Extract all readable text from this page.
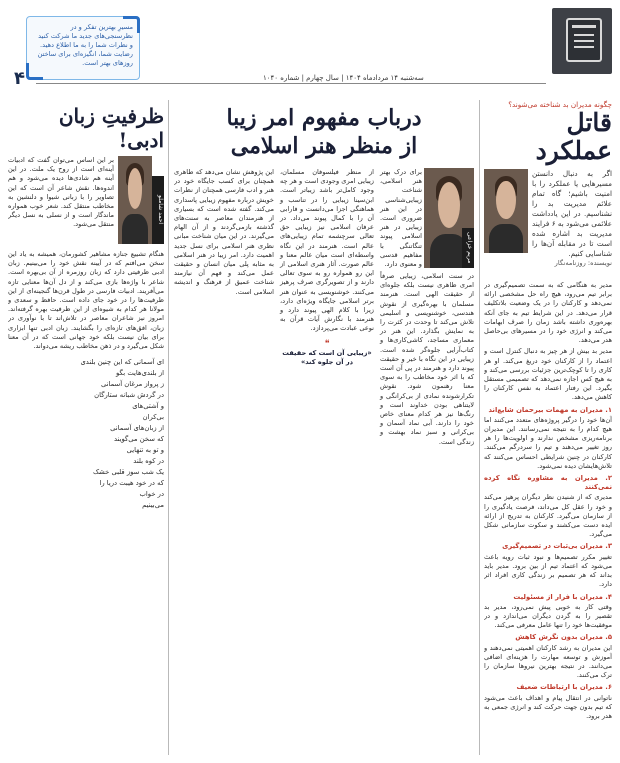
مسیرِ بهترین تفکر و در نظرسنجی‌های جدید ما شرکت کنید و نظرات شما را به ما اطلاع دهید. رضایت شما، انگیزه‌ای برای ساختن روزهای بهتر است.
۴	سه‌شنبه ۱۴ مردادماه ۱۴۰۴ | سال چهارم | شماره ۱۰۴۰
چگونه مدیران بد شناخته می‌شوند؟
قاتل عملکرد
اگر به دنبال دانستن مسیرهایی یا عملکرد را با امنیت باشیم؛ گاه تمام علائم مدیریت بد را نشناسیم. در این یادداشت علائمی می‌شود به ۶ فرایند مدیریت بد اشاره شده است تا در مقابله آن‌ها را شناسایی کنیم.
نویسنده: روزنامه‌نگار

مدیر به هنگامی که به سمت تصمیم‌گیری در برابر تیم می‌رود، هیچ راه حل مشخصی ارائه نمی‌دهد و کارکنان را در یک وضعیت بلاتکلیف قرار می‌دهد. در این شرایط تیم به جای آنکه بهره‌وری داشته باشد زمان را صرف ابهامات می‌کند و انرژی خود را در مسیرهای بی‌حاصل هدر می‌دهد.

مدیر بد بیش از هر چیز به دنبال کنترل است و اعتماد را از کارکنان خود دریغ می‌کند. او هر کاری را تا کوچک‌ترین جزئیات بررسی می‌کند و به هیچ کس اجازه نمی‌دهد که تصمیمی مستقل بگیرد. این رفتار اعتماد به نفس کارکنان را کاهش می‌دهد.

۱. مدیران به مهمات بیرحمان شایع‌اند

آن‌ها خود را درگیر پروژه‌های متعدد می‌کنند اما هیچ کدام را به نتیجه نمی‌رسانند. این مدیران برنامه‌ریزی مشخص ندارند و اولویت‌ها را هر روز تغییر می‌دهند و تیم را سردرگم می‌کنند. کارکنان در چنین شرایطی احساس می‌کنند که تلاش‌هایشان دیده نمی‌شود.

۲. مدیران به مشاوره نگاه کرده نمی‌کنند

مدیری که از شنیدن نظر دیگران پرهیز می‌کند و خود را عقل کل می‌داند، فرصت یادگیری را از سازمان می‌گیرد. کارکنان به تدریج از ارائه ایده دست می‌کشند و سکوت سازمانی شکل می‌گیرد.

۳. مدیران بی‌ثبات در تصمیم‌گیری

تغییر مکرر تصمیم‌ها و نبود ثبات رویه باعث می‌شود که اعتماد تیم از بین برود. مدیر باید بداند که هر تصمیم بر زندگی کاری افراد اثر دارد.

۴. مدیران با فرار از مسئولیت

وقتی کار به خوبی پیش نمی‌رود، مدیر بد تقصیر را به گردن دیگران می‌اندازد و در موفقیت‌ها خود را تنها عامل معرفی می‌کند.

۵. مدیران بدون نگرش کاهش

این مدیران به رشد کارکنان اهمیتی نمی‌دهند و آموزش و توسعه مهارت را هزینه‌ای اضافی می‌دانند. در نتیجه بهترین نیروها سازمان را ترک می‌کنند.

۶. مدیران با ارتباطات ضعیف

ناتوانی در انتقال پیام و اهداف باعث می‌شود که تیم بدون جهت حرکت کند و انرژی جمعی به هدر برود.

درباب مفهوم امر زیبا
از منظر هنر اسلامی
مریم خزاعی
برای درک بهتر هنر اسلامی، شناخت زیبایی‌شناسی در این هنر ضروری است. زیبایی در هنر اسلامی پیوند تنگاتنگی با مفاهیم قدسی و معنوی دارد.

در سنت اسلامی، زیبایی صرفاً امری ظاهری نیست بلکه جلوه‌ای از حقیقت الهی است. هنرمند مسلمان با بهره‌گیری از نقوش هندسی، خوشنویسی و اسلیمی تلاش می‌کند تا وحدت در کثرت را به نمایش بگذارد. این هنر در معماری مساجد، کاشی‌کاری‌ها و کتاب‌آرایی جلوه‌گر شده است. زیبایی در این نگاه با خیر و حقیقت پیوند دارد و هنرمند در پی آن است که با اثر خود مخاطب را به سوی معنا رهنمون شود. نقوش تکرارشونده نمادی از بی‌کرانگی و لایتناهی بودن خداوند است و رنگ‌ها نیز هر کدام معنای خاص خود را دارند. آبی نماد آسمان و بی‌کرانی و سبز نماد بهشت و زندگی است.

از منظر فیلسوفان مسلمان، زیبایی امری وجودی است و هر چه وجود کامل‌تر باشد زیباتر است. ابن‌سینا زیبایی را در تناسب و هماهنگی اجزا می‌دانست و فارابی آن را با کمال پیوند می‌داد. در عرفان اسلامی نیز زیبایی حق تعالی سرچشمه تمام زیبایی‌های عالم است. هنرمند در این نگاه واسطه‌ای است میان عالم معنا و عالم صورت. آثار هنری اسلامی از این رو همواره رو به سوی تعالی دارند و از تصویرگری صرف پرهیز می‌کنند. خوشنویسی به عنوان هنر برتر اسلامی جایگاه ویژه‌ای دارد، زیرا با کلام الهی پیوند دارد و هنرمند با نگارش آیات قرآن به نوعی عبادت می‌پردازد.

❝
«زیبایی آن است که حقیقت در آن جلوه کند»

این پژوهش نشان می‌دهد که طاهری همچنان برای کسب جایگاه خود در هنر و ادب فارسی همچنان از نظرات خویش درباره مفهوم زیبایی پاسداری می‌کند. گفته شده است که بسیاری از هنرمندان معاصر به سنت‌های گذشته بازمی‌گردند و از آن الهام می‌گیرند. در این میان شناخت مبانی نظری هنر اسلامی برای نسل جدید اهمیت دارد. امر زیبا در هنر اسلامی به مثابه پلی میان انسان و حقیقت عمل می‌کند و فهم آن نیازمند شناخت عمیق از فرهنگ و اندیشه اسلامی است.

ظرفیتِ زبان ادبی!
احمد شاملو
بر این اساس می‌توان گفت که ادبیات آینه‌ای است از روح یک ملت. در این آینه هم شادی‌ها دیده می‌شود و هم اندوه‌ها. نقش شاعر آن است که این تصاویر را با زبانی شیوا و دلنشین به مخاطب منتقل کند. شعر خوب همواره ماندگار است و از نسلی به نسل دیگر منتقل می‌شود.
هنگام تشییع جنازه مشاهیر کشورمان، همیشه به یاد این سخن می‌افتم که در آیینه نقش خود را می‌بینیم. زبان ادبی ظرفیتی دارد که زبان روزمره از آن بی‌بهره است. شاعر با واژه‌ها بازی می‌کند و از دل آن‌ها معنایی تازه می‌آفریند. ادبیات فارسی در طول قرن‌ها گنجینه‌ای از این ظرفیت‌ها را در خود جای داده است. حافظ و سعدی و مولانا هر کدام به شیوه‌ای از این ظرفیت بهره گرفته‌اند. امروز نیز شاعران معاصر در تلاش‌اند تا با نوآوری در زبان، افق‌های تازه‌ای را بگشایند. زبان ادبی تنها ابزاری برای بیان نیست بلکه خود جهانی است که در آن معنا شکل می‌گیرد و در ذهن مخاطب ریشه می‌دواند.
ای آسمانی که این‌ چنین بلندی
از بلندی‌هایت بگو
ز پرواز مرغان آسمانی
در گردش شبانه ستارگان
و آشتی‌های
بی‌کران
از زبان‌های آسمانی
که سخن می‌گویند
و تو به تنهایی
در کوه بلند
یک شب سوز قلبی خشک
که در خود هیبت دریا را
در خواب
می‌بینیم
